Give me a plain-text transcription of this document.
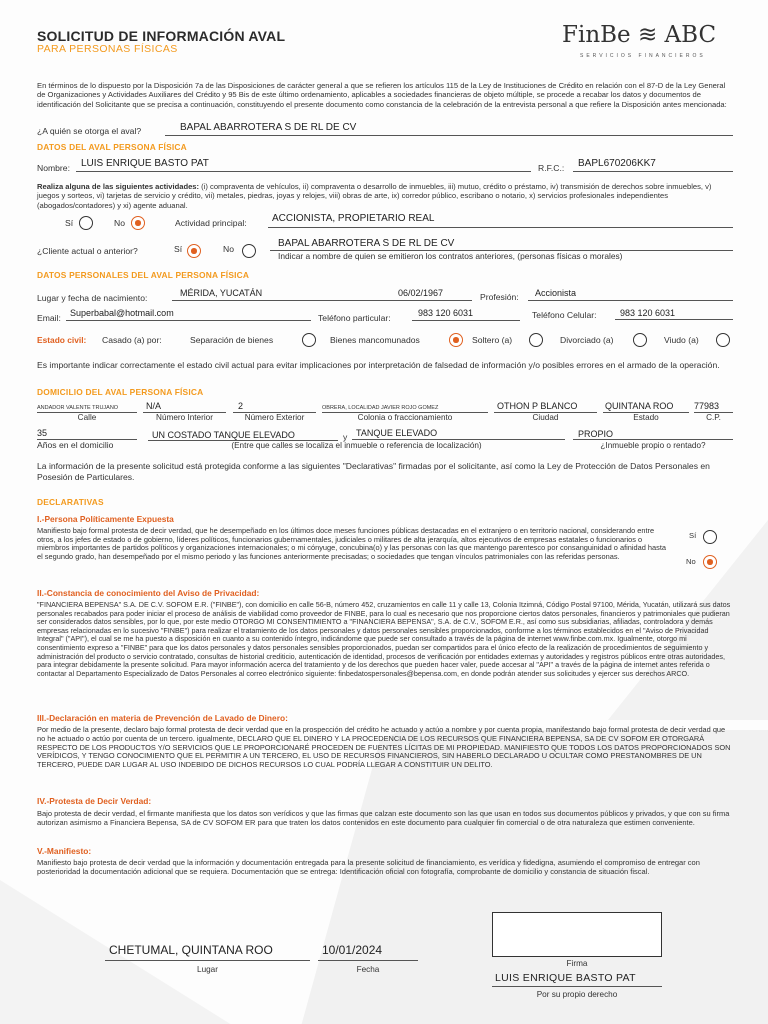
SOLICITUD DE INFORMACIÓN AVAL
PARA PERSONAS FÍSICAS
FinBe ≋ ABC
SERVICIOS FINANCIEROS
En términos de lo dispuesto por la Disposición 7a de las Disposiciones de carácter general a que se refieren los artículos 115 de la Ley de Instituciones de Crédito en relación con el 87-D de la Ley General de Organizaciones y Actividades Auxiliares del Crédito y 95 Bis de este último ordenamiento, aplicables a sociedades financieras de objeto múltiple, se procede a recabar los datos y documentos de identificación del Solicitante que se precisa a continuación, constituyendo el presente documento como constancia de la celebración de la entrevista personal a que refiere la Disposición antes mencionada:
¿A quién se otorga el aval?	BAPAL ABARROTERA S DE RL DE CV
DATOS DEL AVAL PERSONA FÍSICA
Nombre: LUIS ENRIQUE BASTO PAT	R.F.C.: BAPL670206KK7
Realiza alguna de las siguientes actividades: (i) compraventa de vehículos, ii) compraventa o desarrollo de inmuebles, iii) mutuo, crédito o préstamo, iv) transmisión de derechos sobre inmuebles, v) juegos y sorteos, vi) tarjetas de servicio y crédito, vii) metales, piedras, joyas y relojes, viii) obras de arte, ix) corredor público, escribano o notario, x) servicios profesionales independientes (abogados/contadores) y xi) agente aduanal.
Sí	No	Actividad principal:	ACCIONISTA, PROPIETARIO REAL
¿Cliente actual o anterior?	Sí	No	BAPAL ABARROTERA S DE RL DE CV
Indicar a nombre de quien se emitieron los contratos anteriores, (personas físicas o morales)
DATOS PERSONALES DEL AVAL PERSONA FÍSICA
Lugar y fecha de nacimiento:	MÉRIDA, YUCATÁN	06/02/1967	Profesión: Accionista
Email: Superbabal@hotmail.com	Teléfono particular:	983 120 6031	Teléfono Celular:	983 120 6031
Estado civil: Casado (a) por:	Separación de bienes	Bienes mancomunados	Soltero (a)	Divorciado (a)	Viudo (a)
Es importante indicar correctamente el estado civil actual para evitar implicaciones por interpretación de falsedad de información y/o posibles errores en el armado de la operación.
DOMICILIO DEL AVAL PERSONA FÍSICA
ANDADOR VALENTE TRUJANO	N/A	2	OBRERA, LOCALIDAD JAVIER ROJO GOMEZ	OTHON P BLANCO	QUINTANA ROO 77983
Calle	Número Interior	Número Exterior	Colonia o fraccionamiento	Ciudad	Estado	C.P.
35
Años en el domicilio
UN COSTADO TANQUE ELEVADO	y TANQUE ELEVADO
(Entre que calles se localiza el inmueble o referencia de localización)
PROPIO
¿Inmueble propio o rentado?
La información de la presente solicitud está protegida conforme a las siguientes "Declarativas" firmadas por el solicitante, así como la Ley de Protección de Datos Personales en Posesión de Particulares.
DECLARATIVAS
I.-Persona Políticamente Expuesta
Manifiesto bajo formal protesta de decir verdad, que he desempeñado en los últimos doce meses funciones públicas destacadas en el extranjero o en territorio nacional, considerando entre otros, a los jefes de estado o de gobierno, líderes políticos, funcionarios gubernamentales, judiciales o militares de alta jerarquía, altos ejecutivos de empresas estatales o funcionarios o miembros importantes de partidos políticos y organizaciones internacionales; o mi cónyuge, concubina(o) y las personas con las que mantengo parentesco por consanguinidad o afinidad hasta el segundo grado, han desempeñado por el mismo periodo y las funciones anteriormente precisadas; o sociedades que tengan vínculos patrimoniales con las referidas personas.
Sí
No
II.-Constancia de conocimiento del Aviso de Privacidad:
"FINANCIERA BEPENSA" S.A. DE C.V. SOFOM E.R. ("FINBE"), con domicilio en calle 56-B, número 452, cruzamientos en calle 11 y calle 13, Colonia Itzimná, Código Postal 97100, Mérida, Yucatán, utilizará sus datos personales recabados para poder iniciar el proceso de análisis de viabilidad como proveedor de FINBE, para lo cual es necesario que nos proporcione ciertos datos personales, financieros y patrimoniales que pudieran ser considerados datos sensibles, por lo que, por este medio OTORGO MI CONSENTIMIENTO a "FINANCIERA BEPENSA", S.A. de C.V., SOFOM E.R., así como sus subsidiarias, afiliadas, controladora y demás empresas relacionadas en lo sucesivo "FINBE") para realizar el tratamiento de los datos personales y datos personales sensibles proporcionados, conforme a los términos establecidos en el "Aviso de Privacidad Integral" ("API"), el cual se me ha puesto a disposición en cuanto a su contenido íntegro, indicándome que puede ser consultado a través de la página de internet www.finbe.com.mx. Igualmente, otorgo mi consentimiento expreso a "FINBE" para que los datos personales y datos personales sensibles proporcionados, puedan ser compartidos para el único efecto de la realización de procedimientos de seguimiento y administración del producto o servicio contratado, consultas de historial crediticio, autenticación de identidad, procesos de verificación por entidades externas y autoridades y registros públicos entre otras autoridades, para integrar debidamente la presente solicitud. Para mayor información acerca del tratamiento y de los derechos que pueden hacer valer, puede accesar al "API" a través de la página de internet antes referida o contactar al Departamento Especializado de Datos Personales al correo electrónico siguiente: finbedatospersonales@bepensa.com, en donde podrán atender sus solicitudes y ejercer sus derechos ARCO.
III.-Declaración en materia de Prevención de Lavado de Dinero:
Por medio de la presente, declaro bajo formal protesta de decir verdad que en la prospección del crédito he actuado y actúo a nombre y por cuenta propia, manifestando bajo formal protesta de decir verdad que no he actuado o actúo por cuenta de un tercero. igualmente, DECLARO QUE EL DINERO Y LA PROCEDENCIA DE LOS RECURSOS QUE FINANCIERA BEPENSA, SA DE CV SOFOM ER OTORGARÁ RESPECTO DE LOS PRODUCTOS Y/O SERVICIOS QUE LE PROPORCIONARÉ PROCEDEN DE FUENTES LÍCITAS DE MI PROPIEDAD. MANIFIESTO QUE TODOS LOS DATOS PROPORCIONADOS SON VERÍDICOS, Y TENGO CONOCIMIENTO QUE EL PERMITIR A UN TERCERO, EL USO DE RECURSOS FINANCIEROS, SIN HABERLO DECLARADO U OCULTAR COMO PRESTANOMBRES DE UN TERCERO, PUEDE DAR LUGAR AL USO INDEBIDO DE DICHOS RECURSOS LO CUAL PODRÍA LLEGAR A CONSTITUIR UN DELITO.
IV.-Protesta de Decir Verdad:
Bajo protesta de decir verdad, el firmante manifiesta que los datos son verídicos y que las firmas que calzan este documento son las que usan en todos sus documentos públicos y privados, y que con su firma autorizan asimismo a Financiera Bepensa, SA de CV SOFOM ER para que traten los datos contenidos en este documento para cualquier fin comercial o de otra naturaleza que estimen conveniente.
V.-Manifiesto:
Manifiesto bajo protesta de decir verdad que la información y documentación entregada para la presente solicitud de financiamiento, es verídica y fidedigna, asumiendo el compromiso de entregar con posterioridad la documentación adicional que se requiera. Documentación que se entrega: Identificación oficial con fotografía, comprobante de domicilio y constancia de situación fiscal.
CHETUMAL, QUINTANA ROO
Lugar
10/01/2024
Fecha
Firma
LUIS ENRIQUE BASTO PAT
Por su propio derecho
